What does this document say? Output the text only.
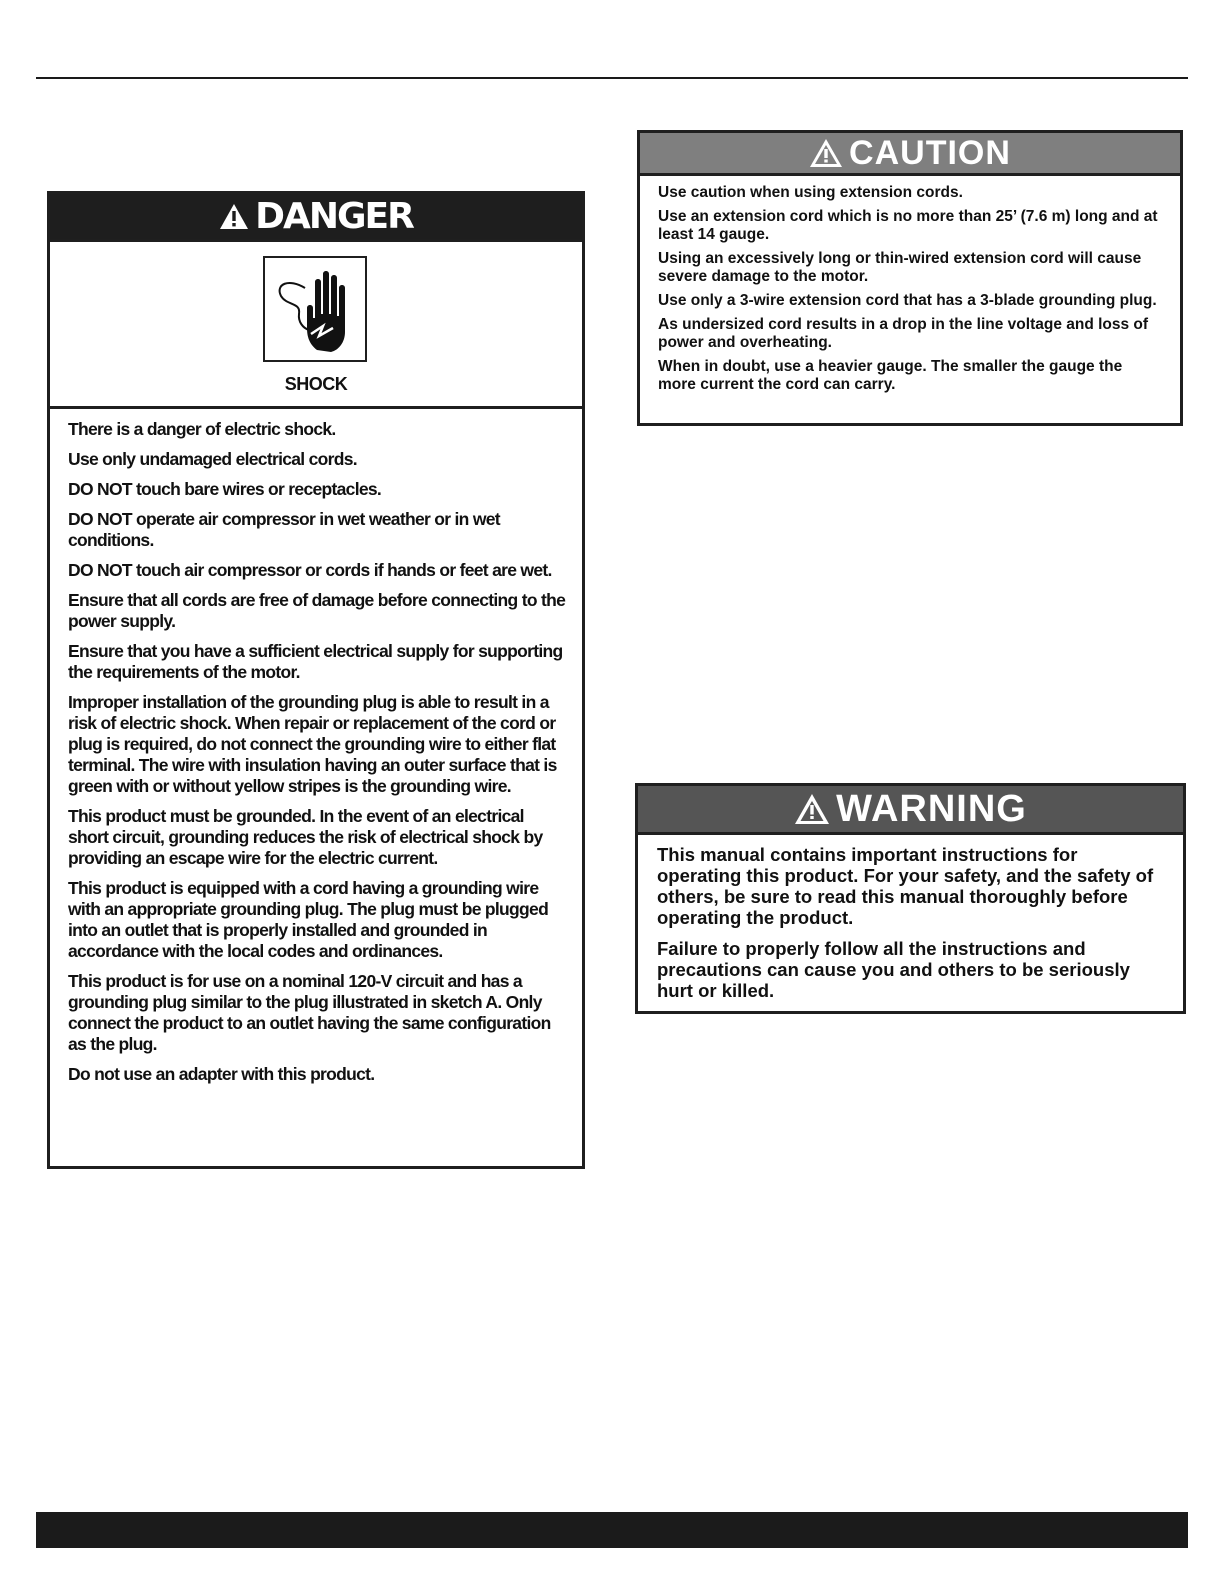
DANGER
SHOCK

There is a danger of electric shock.

Use only undamaged electrical cords.

DO NOT touch bare wires or receptacles.

DO NOT operate air compressor in wet weather or in wet conditions.

DO NOT touch air compressor or cords if hands or feet are wet.

Ensure that all cords are free of damage before connecting to the power supply.

Ensure that you have a sufficient electrical supply for supporting the requirements of the motor.

Improper installation of the grounding plug is able to result in a risk of electric shock. When repair or replacement of the cord or plug is required, do not connect the grounding wire to either flat terminal. The wire with insulation having an outer surface that is green with or without yellow stripes is the grounding wire.

This product must be grounded. In the event of an electrical short circuit, grounding reduces the risk of electrical shock by providing an escape wire for the electric current.

This product is equipped with a cord having a grounding wire with an appropriate grounding plug. The plug must be plugged into an outlet that is properly installed and grounded in accordance with the local codes and ordinances.

This product is for use on a nominal 120-V circuit and has a grounding plug similar to the plug illustrated in sketch A. Only connect the product to an outlet having the same configuration as the plug.

Do not use an adapter with this product.

CAUTION

Use caution when using extension cords.

Use an extension cord which is no more than 25’ (7.6 m) long and at least 14 gauge.

Using an excessively long or thin-wired extension cord will cause severe damage to the motor.

Use only a 3-wire extension cord that has a 3-blade grounding plug.

As undersized cord results in a drop in the line voltage and loss of power and overheating.

When in doubt, use a heavier gauge. The smaller the gauge the more current the cord can carry.

WARNING

This manual contains important instructions for operating this product. For your safety, and the safety of others, be sure to read this manual thoroughly before operating the product.

Failure to properly follow all the instructions and precautions can cause you and others to be seriously hurt or killed.
